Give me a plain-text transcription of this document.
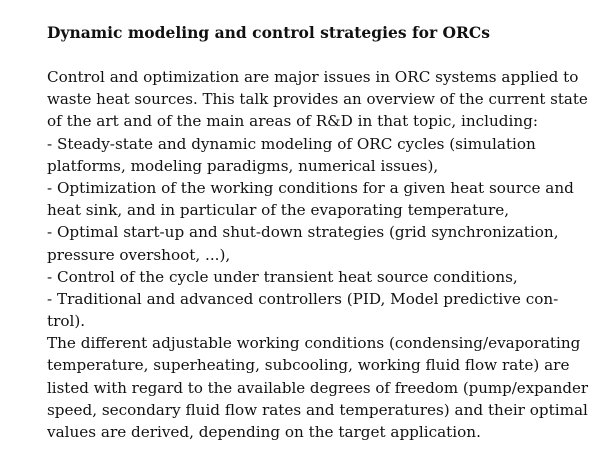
Dynamic modeling and control strategies for ORCs
Control and optimization are major issues in ORC systems applied to
waste heat sources. This talk provides an overview of the current state
of the art and of the main areas of R&D in that topic, including:
- Steady-state and dynamic modeling of ORC cycles (simulation
platforms, modeling paradigms, numerical issues),
- Optimization of the working conditions for a given heat source and
heat sink, and in particular of the evaporating temperature,
- Optimal start-up and shut-down strategies (grid synchronization,
pressure overshoot, ...),
- Control of the cycle under transient heat source conditions,
- Traditional and advanced controllers (PID, Model predictive con-
trol).
The different adjustable working conditions (condensing/evaporating
temperature, superheating, subcooling, working fluid flow rate) are
listed with regard to the available degrees of freedom (pump/expander
speed, secondary fluid flow rates and temperatures) and their optimal
values are derived, depending on the target application.
